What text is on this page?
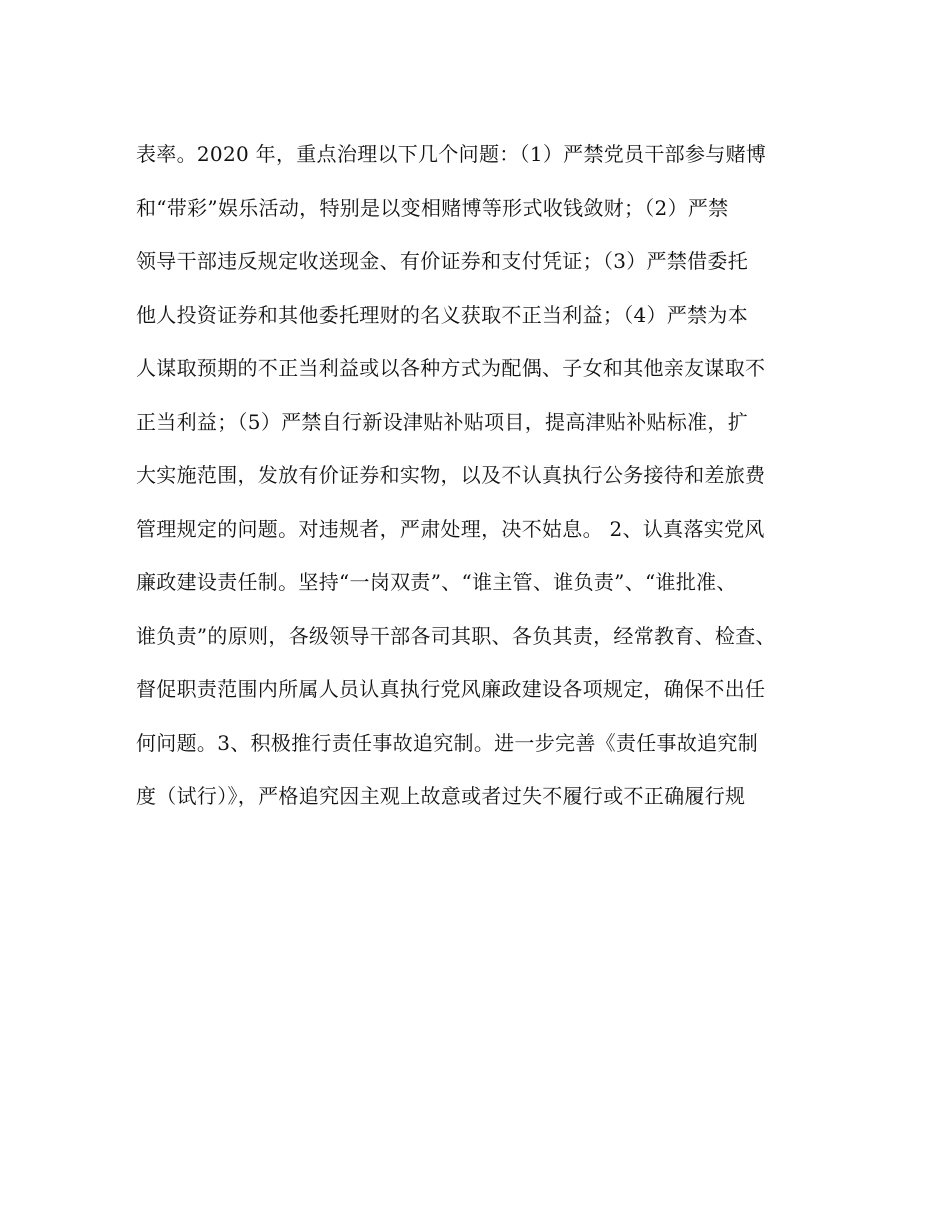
表率。2020 年，重点治理以下几个问题：（1）严禁党员干部参与赌博
和“带彩”娱乐活动，特别是以变相赌博等形式收钱敛财；（2）严禁
领导干部违反规定收送现金、有价证券和支付凭证；（3）严禁借委托
他人投资证券和其他委托理财的名义获取不正当利益；（4）严禁为本
人谋取预期的不正当利益或以各种方式为配偶、子女和其他亲友谋取不
正当利益；（5）严禁自行新设津贴补贴项目，提高津贴补贴标准，扩
大实施范围，发放有价证券和实物，以及不认真执行公务接待和差旅费
管理规定的问题。对违规者，严肃处理，决不姑息。 2、认真落实党风
廉政建设责任制。坚持“一岗双责”、“谁主管、谁负责”、“谁批准、
谁负责”的原则，各级领导干部各司其职、各负其责，经常教育、检查、
督促职责范围内所属人员认真执行党风廉政建设各项规定，确保不出任
何问题。3、积极推行责任事故追究制。进一步完善《责任事故追究制
度（试行）》，严格追究因主观上故意或者过失不履行或不正确履行规
